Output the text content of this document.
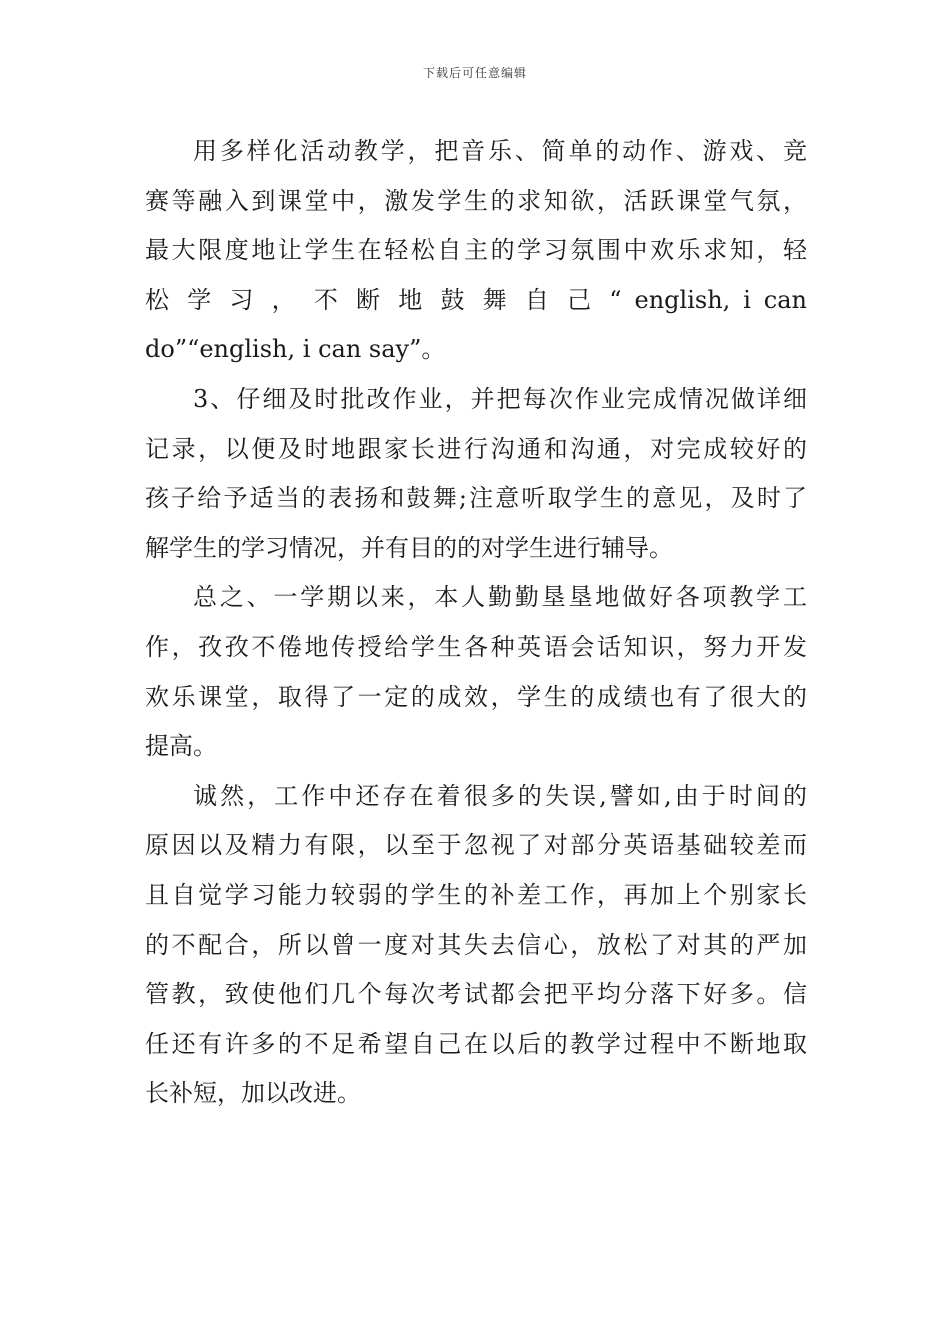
下载后可任意编辑
用多样化活动教学，把音乐、简单的动作、游戏、竞
赛等融入到课堂中，激发学生的求知欲，活跃课堂气氛，
最大限度地让学生在轻松自主的学习氛围中欢乐求知，轻
松 学 习 ， 不 断 地 鼓 舞 自 己 “ english, i can
do”“english, i can say”。
3、仔细及时批改作业，并把每次作业完成情况做详细
记录，以便及时地跟家长进行沟通和沟通，对完成较好的
孩子给予适当的表扬和鼓舞;注意听取学生的意见，及时了
解学生的学习情况，并有目的的对学生进行辅导。
总之、一学期以来，本人勤勤垦垦地做好各项教学工
作，孜孜不倦地传授给学生各种英语会话知识，努力开发
欢乐课堂，取得了一定的成效，学生的成绩也有了很大的
提高。
诚然，工作中还存在着很多的失误,譬如,由于时间的
原因以及精力有限，以至于忽视了对部分英语基础较差而
且自觉学习能力较弱的学生的补差工作，再加上个别家长
的不配合，所以曾一度对其失去信心，放松了对其的严加
管教，致使他们几个每次考试都会把平均分落下好多。信
任还有许多的不足希望自己在以后的教学过程中不断地取
长补短，加以改进。
